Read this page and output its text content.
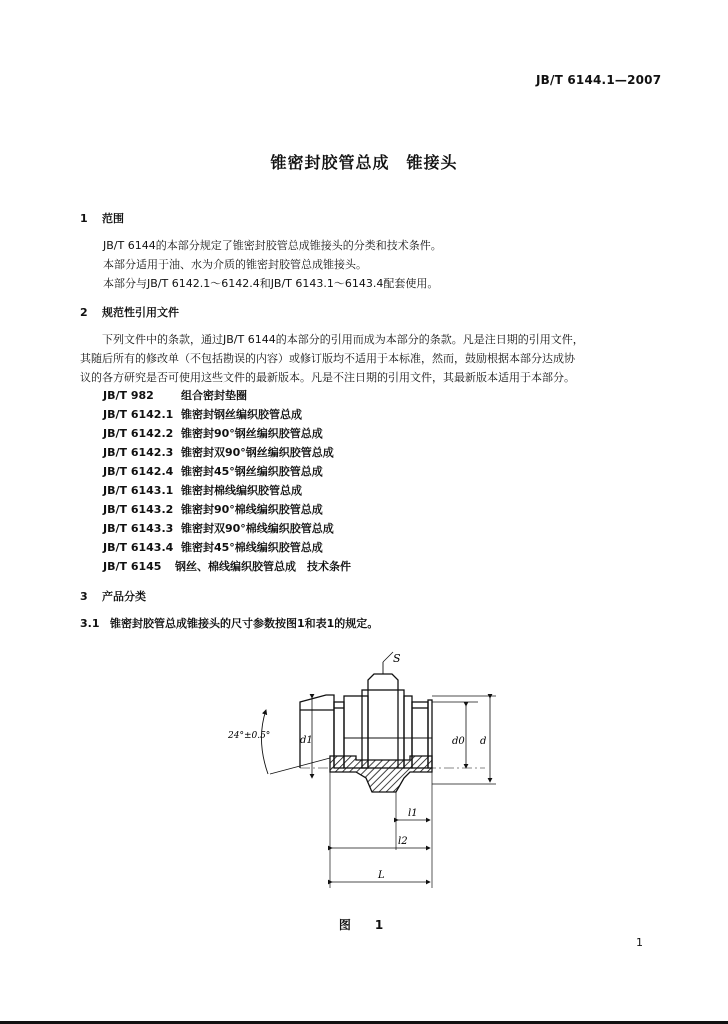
JB/T 6144.1—2007
锥密封胶管总成　锥接头
1 范围
JB/T 6144的本部分规定了锥密封胶管总成锥接头的分类和技术条件。
本部分适用于油、水为介质的锥密封胶管总成锥接头。
本部分与JB/T 6142.1～6142.4和JB/T 6143.1～6143.4配套使用。
2 规范性引用文件
下列文件中的条款，通过JB/T 6144的本部分的引用而成为本部分的条款。凡是注日期的引用文件，
其随后所有的修改单（不包括勘误的内容）或修订版均不适用于本标准，然而，鼓励根据本部分达成协
议的各方研究是否可使用这些文件的最新版本。凡是不注日期的引用文件，其最新版本适用于本部分。
JB/T 982 组合密封垫圈
JB/T 6142.1 锥密封钢丝编织胶管总成
JB/T 6142.2 锥密封90°钢丝编织胶管总成
JB/T 6142.3 锥密封双90°钢丝编织胶管总成
JB/T 6142.4 锥密封45°钢丝编织胶管总成
JB/T 6143.1 锥密封棉线编织胶管总成
JB/T 6143.2 锥密封90°棉线编织胶管总成
JB/T 6143.3 锥密封双90°棉线编织胶管总成
JB/T 6143.4 锥密封45°棉线编织胶管总成
JB/T 6145 钢丝、棉线编织胶管总成　技术条件
3 产品分类
3.1 锥密封胶管总成锥接头的尺寸参数按图1和表1的规定。
S
24°±0.5°	d1	d0 d
l1
l2
L
图　1
1
